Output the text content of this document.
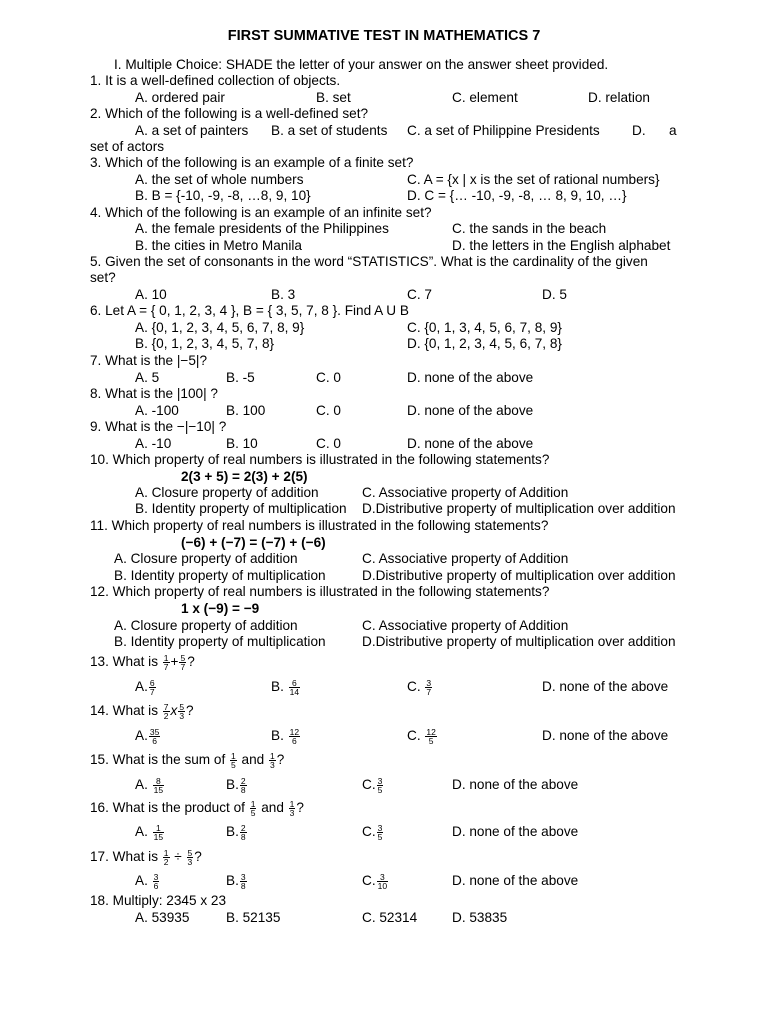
FIRST SUMMATIVE TEST IN MATHEMATICS 7
I. Multiple Choice: SHADE the letter of your answer on the answer sheet provided.
1. It is a well-defined collection of objects.
A. ordered pair	B. set	C. element	D. relation
2. Which of the following is a well-defined set?
A. a set of painters B. a set of students C. a set of Philippine Presidents D. a
set of actors
3. Which of the following is an example of a finite set?
A. the set of whole numbers	C. A = {x | x is the set of rational numbers}
B. B = {-10, -9, -8, …8, 9, 10}	D. C = {… -10, -9, -8, … 8, 9, 10, …}
4. Which of the following is an example of an infinite set?
A. the female presidents of the Philippines	C. the sands in the beach
B. the cities in Metro Manila	D. the letters in the English alphabet
5. Given the set of consonants in the word “STATISTICS”. What is the cardinality of the given
set?
A. 10	B. 3	C. 7	D. 5
6. Let A = { 0, 1, 2, 3, 4 }, B = { 3, 5, 7, 8 }. Find A U B
A. {0, 1, 2, 3, 4, 5, 6, 7, 8, 9}	C. {0, 1, 3, 4, 5, 6, 7, 8, 9}
B. {0, 1, 2, 3, 4, 5, 7, 8}	D. {0, 1, 2, 3, 4, 5, 6, 7, 8}
7. What is the |−5|?
A. 5	B. -5	C. 0	D. none of the above
8. What is the |100| ?
A. -100	B. 100	C. 0	D. none of the above
9. What is the −|−10| ?
A. -10	B. 10	C. 0	D. none of the above
10. Which property of real numbers is illustrated in the following statements?
2(3 + 5) = 2(3) + 2(5)
A. Closure property of addition	C. Associative property of Addition
B. Identity property of multiplication D.Distributive property of multiplication over addition
11. Which property of real numbers is illustrated in the following statements?
(−6) + (−7) = (−7) + (−6)
A. Closure property of addition	C. Associative property of Addition
B. Identity property of multiplication	D.Distributive property of multiplication over addition
12. Which property of real numbers is illustrated in the following statements?
1 x (−9) = −9
A. Closure property of addition	C. Associative property of Addition
B. Identity property of multiplication	D.Distributive property of multiplication over addition
13. What is $\frac{1}{7} + \frac{5}{7}$ ?
A. $\frac{6}{7}$	B. $\frac{6}{14}$	C. $\frac{3}{7}$	D. none of the above
14. What is $\frac{7}{2}$ x $\frac{5}{3}$ ?
A. $\frac{35}{6}$	B. $\frac{12}{6}$	C. $\frac{12}{5}$	D. none of the above
15. What is the sum of $\frac{1}{5}$ and $\frac{1}{3}$ ?
A. $\frac{8}{15}$	B. $\frac{2}{8}$	C. $\frac{3}{5}$	D. none of the above
16. What is the product of $\frac{1}{5}$ and $\frac{1}{3}$ ?
A. $\frac{1}{15}$	B. $\frac{2}{8}$	C. $\frac{3}{5}$	D. none of the above
17. What is $\frac{1}{2} \div \frac{5}{3}$ ?
A. $\frac{3}{6}$	B. $\frac{3}{8}$	C. $\frac{3}{10}$	D. none of the above
18. Multiply: 2345 x 23
A. 53935	B. 52135	C. 52314	D. 53835
